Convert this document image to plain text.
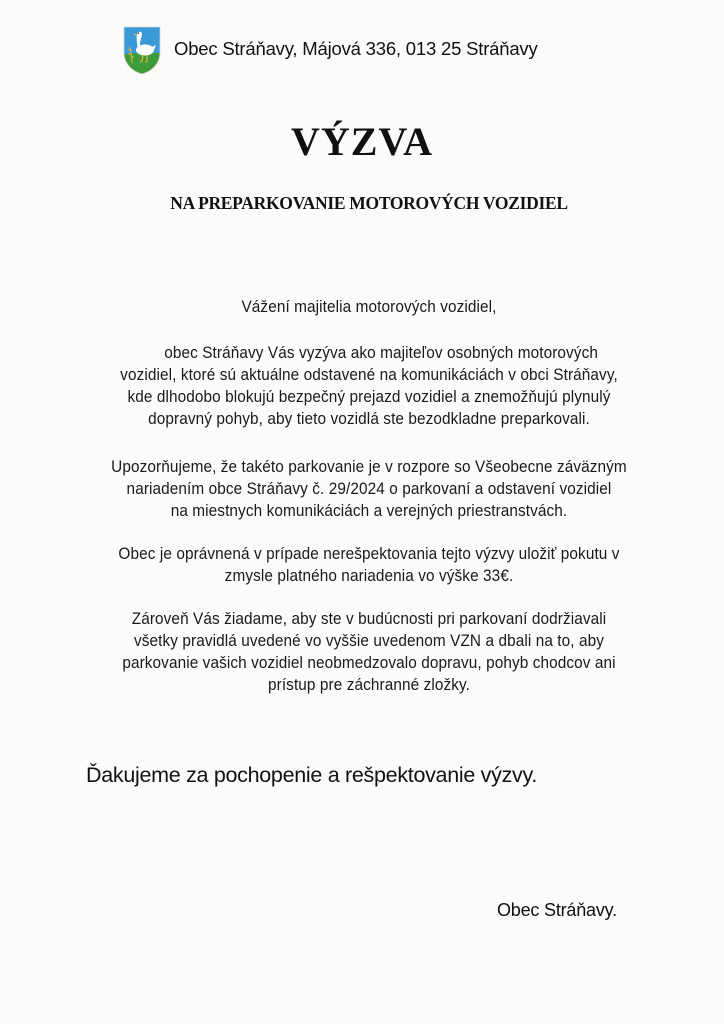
Obec Stráňavy, Májová 336, 013 25 Stráňavy
VÝZVA
NA PREPARKOVANIE MOTOROVÝCH VOZIDIEL
Vážení majitelia motorových vozidiel,
obec Stráňavy Vás vyzýva ako majiteľov osobných motorových
vozidiel, ktoré sú aktuálne odstavené na komunikáciách v obci Stráňavy,
kde dlhodobo blokujú bezpečný prejazd vozidiel a znemožňujú plynulý
dopravný pohyb, aby tieto vozidlá ste bezodkladne preparkovali.
Upozorňujeme, že takéto parkovanie je v rozpore so Všeobecne záväzným
nariadením obce Stráňavy č. 29/2024 o parkovaní a odstavení vozidiel
na miestnych komunikáciách a verejných priestranstvách.
Obec je oprávnená v prípade nerešpektovania tejto výzvy uložiť pokutu v
zmysle platného nariadenia vo výške 33€.
Zároveň Vás žiadame, aby ste v budúcnosti pri parkovaní dodržiavali
všetky pravidlá uvedené vo vyššie uvedenom VZN a dbali na to, aby
parkovanie vašich vozidiel neobmedzovalo dopravu, pohyb chodcov ani
prístup pre záchranné zložky.
Ďakujeme za pochopenie a rešpektovanie výzvy.
Obec Stráňavy.
